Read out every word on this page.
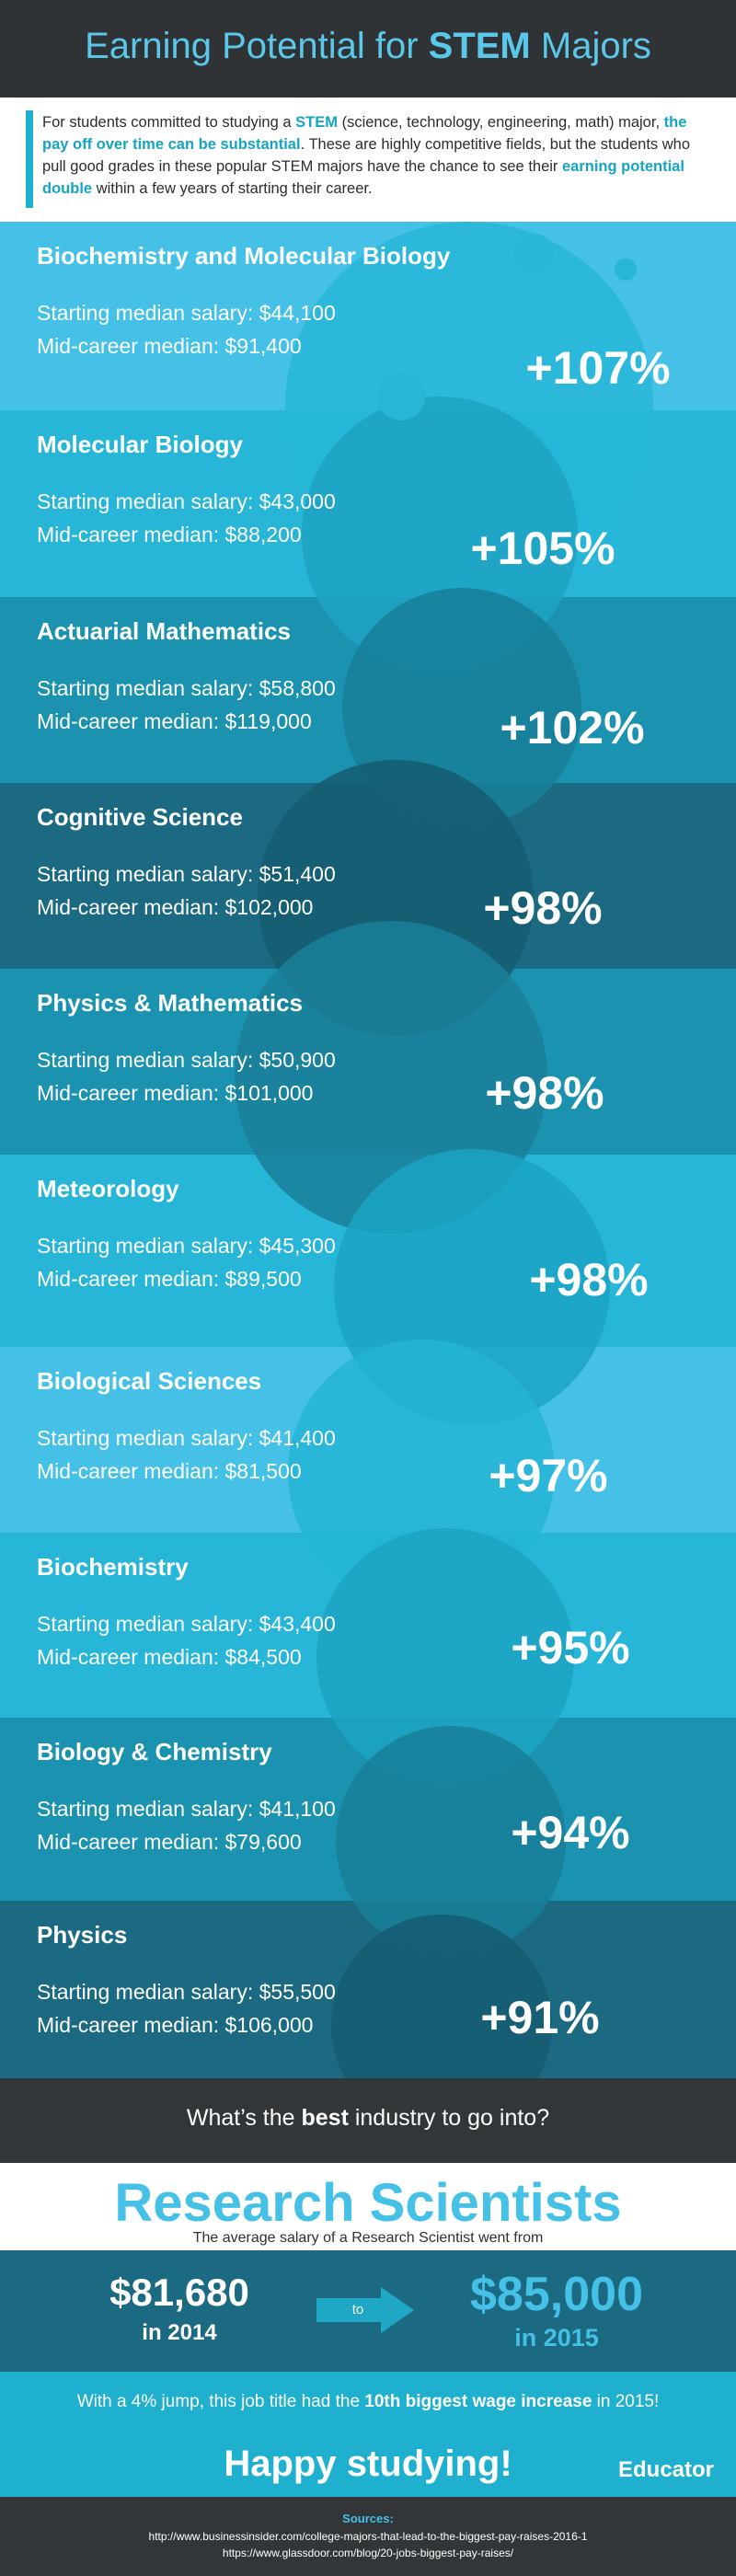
Earning Potential for STEM Majors
For students committed to studying a STEM (science, technology, engineering, math) major, the pay off over time can be substantial. These are highly competitive fields, but the students who pull good grades in these popular STEM majors have the chance to see their earning potential double within a few years of starting their career.
Biochemistry and Molecular Biology
Starting median salary: $44,100
Mid-career median: $91,400	+107%
Molecular Biology
Starting median salary: $43,000
Mid-career median: $88,200	+105%
Actuarial Mathematics
Starting median salary: $58,800
Mid-career median: $119,000	+102%
Cognitive Science
Starting median salary: $51,400
Mid-career median: $102,000	+98%
Physics & Mathematics
Starting median salary: $50,900
Mid-career median: $101,000	+98%
Meteorology
Starting median salary: $45,300
Mid-career median: $89,500	+98%
Biological Sciences
Starting median salary: $41,400
Mid-career median: $81,500	+97%
Biochemistry
Starting median salary: $43,400
Mid-career median: $84,500	+95%
Biology & Chemistry
Starting median salary: $41,100
Mid-career median: $79,600	+94%
Physics
Starting median salary: $55,500
Mid-career median: $106,000	+91%
What’s the best industry to go into?
Research Scientists
The average salary of a Research Scientist went from
$81,680
in 2014
to	$85,000
in 2015
With a 4% jump, this job title had the 10th biggest wage increase in 2015!
Happy studying!	Educator
Sources:
http://www.businessinsider.com/college-majors-that-lead-to-the-biggest-pay-raises-2016-1
https://www.glassdoor.com/blog/20-jobs-biggest-pay-raises/
